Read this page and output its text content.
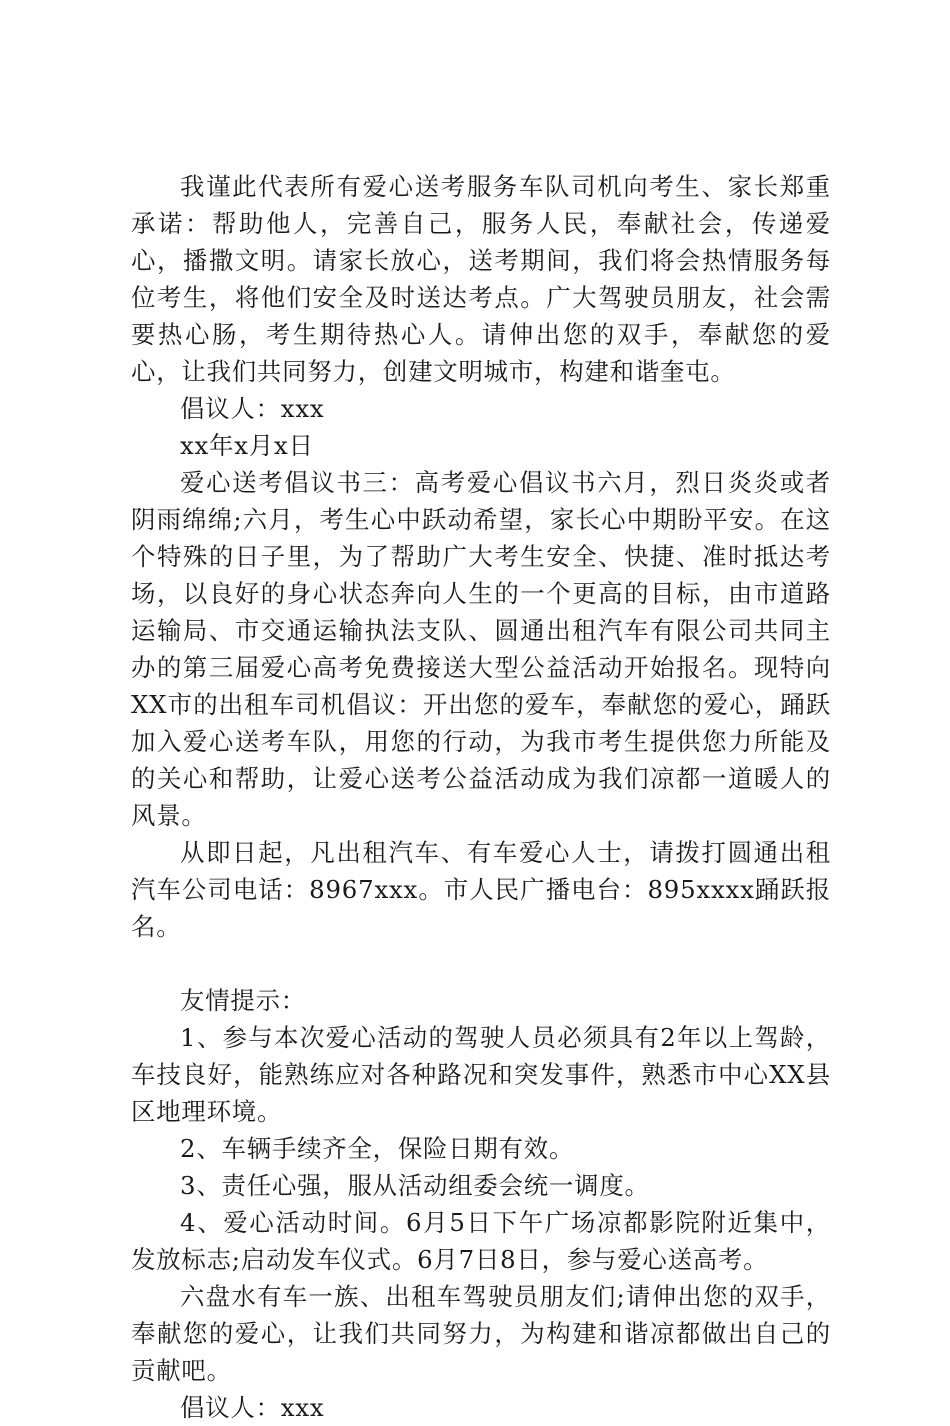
我谨此代表所有爱心送考服务车队司机向考生、家长郑重承诺：帮助他人，完善自己，服务人民，奉献社会，传递爱心，播撒文明。请家长放心，送考期间，我们将会热情服务每位考生，将他们安全及时送达考点。广大驾驶员朋友，社会需要热心肠，考生期待热心人。请伸出您的双手，奉献您的爱心，让我们共同努力，创建文明城市，构建和谐奎屯。

倡议人：xxx

xx年x月x日

爱心送考倡议书三：高考爱心倡议书六月，烈日炎炎或者阴雨绵绵;六月，考生心中跃动希望，家长心中期盼平安。在这个特殊的日子里，为了帮助广大考生安全、快捷、准时抵达考场，以良好的身心状态奔向人生的一个更高的目标，由市道路运输局、市交通运输执法支队、圆通出租汽车有限公司共同主办的第三届爱心高考免费接送大型公益活动开始报名。现特向XX市的出租车司机倡议：开出您的爱车，奉献您的爱心，踊跃加入爱心送考车队，用您的行动，为我市考生提供您力所能及的关心和帮助，让爱心送考公益活动成为我们凉都一道暖人的风景。

从即日起，凡出租汽车、有车爱心人士，请拨打圆通出租汽车公司电话：8967xxx。市人民广播电台：895xxxx踊跃报名。

友情提示：

1、参与本次爱心活动的驾驶人员必须具有2年以上驾龄，车技良好，能熟练应对各种路况和突发事件，熟悉市中心XX县区地理环境。

2、车辆手续齐全，保险日期有效。

3、责任心强，服从活动组委会统一调度。

4、爱心活动时间。6月5日下午广场凉都影院附近集中，发放标志;启动发车仪式。6月7日8日，参与爱心送高考。

六盘水有车一族、出租车驾驶员朋友们;请伸出您的双手，奉献您的爱心，让我们共同努力，为构建和谐凉都做出自己的贡献吧。

倡议人：xxx
